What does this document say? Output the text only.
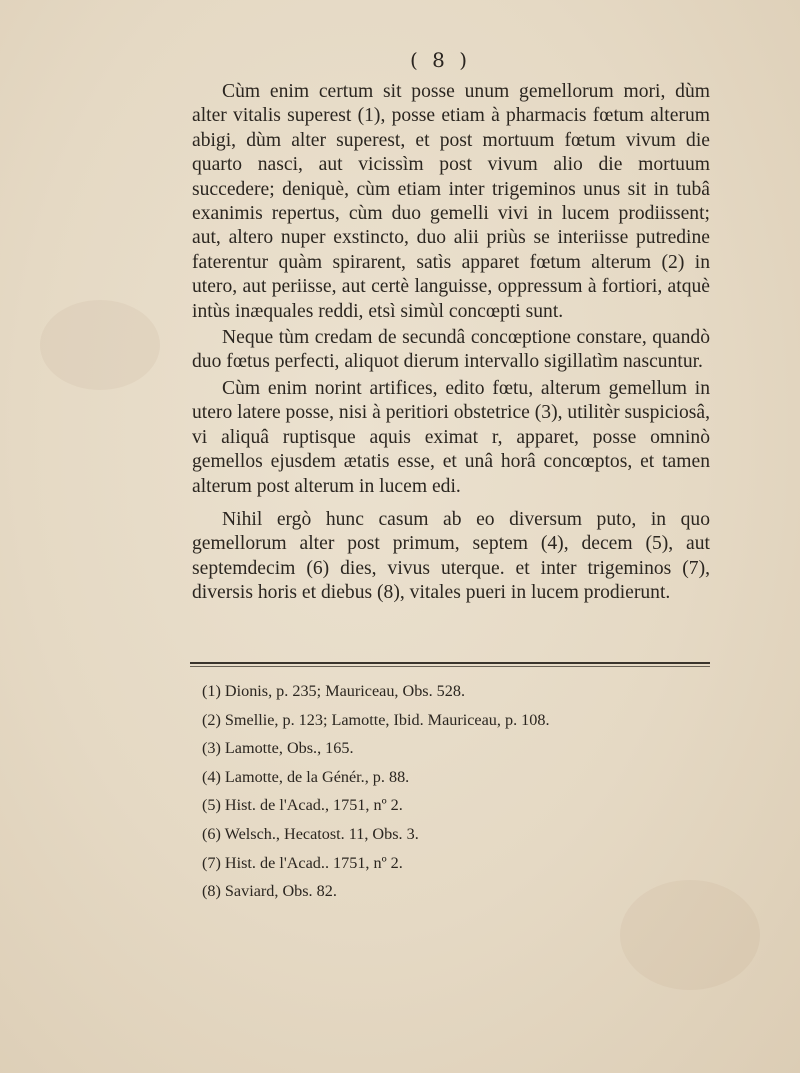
( 8 )

Cùm enim certum sit posse unum gemellorum mori, dùm alter vitalis superest (1), posse etiam à pharmacis fœtum alterum abigi, dùm alter superest, et post mortuum fœtum vivum die quarto nasci, aut vicissìm post vivum alio die mortuum succedere; deniquè, cùm etiam inter trigeminos unus sit in tubâ exanimis repertus, cùm duo gemelli vivi in lucem prodiissent; aut, altero nuper exstincto, duo alii priùs se interiisse putredine faterentur quàm spirarent, satìs apparet fœtum alterum (2) in utero, aut periisse, aut certè languisse, oppressum à fortiori, atquè intùs inæquales reddi, etsì simùl concœpti sunt.

Neque tùm credam de secundâ concœptione constare, quandò duo fœtus perfecti, aliquot dierum intervallo sigillatìm nascuntur.

Cùm enim norint artifices, edito fœtu, alterum gemellum in utero latere posse, nisi à peritiori obstetrice (3), utilitèr suspiciosâ, vi aliquâ ruptisque aquis eximat r, apparet, posse omninò gemellos ejusdem ætatis esse, et unâ horâ concœptos, et tamen alterum post alterum in lucem edi.

Nihil ergò hunc casum ab eo diversum puto, in quo gemellorum alter post primum, septem (4), decem (5), aut septemdecim (6) dies, vivus uterque. et inter trigeminos (7), diversis horis et diebus (8), vitales pueri in lucem prodierunt.

(1) Dionis, p. 235; Mauriceau, Obs. 528.
(2) Smellie, p. 123; Lamotte, Ibid. Mauriceau, p. 108.
(3) Lamotte, Obs., 165.
(4) Lamotte, de la Génér., p. 88.
(5) Hist. de l'Acad., 1751, nº 2.
(6) Welsch., Hecatost. 11, Obs. 3.
(7) Hist. de l'Acad.. 1751, nº 2.
(8) Saviard, Obs. 82.
